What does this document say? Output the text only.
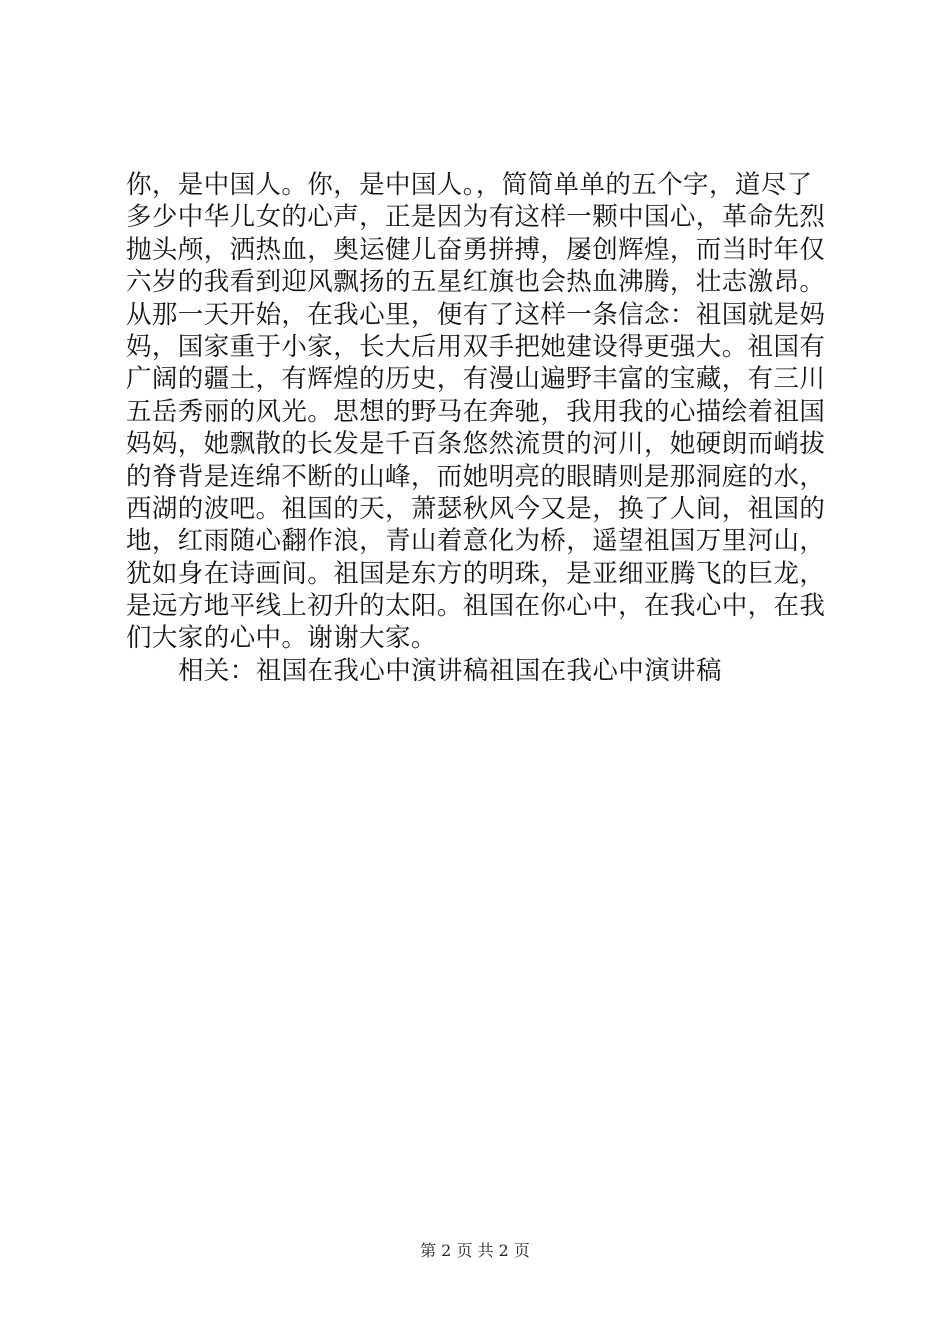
你，是中国人。你，是中国人。，简简单单的五个字，道尽了
多少中华儿女的心声，正是因为有这样一颗中国心，革命先烈
抛头颅，洒热血，奥运健儿奋勇拼搏，屡创辉煌，而当时年仅
六岁的我看到迎风飘扬的五星红旗也会热血沸腾，壮志激昂。
从那一天开始，在我心里，便有了这样一条信念：祖国就是妈
妈，国家重于小家，长大后用双手把她建设得更强大。祖国有
广阔的疆土，有辉煌的历史，有漫山遍野丰富的宝藏，有三川
五岳秀丽的风光。思想的野马在奔驰，我用我的心描绘着祖国
妈妈，她飘散的长发是千百条悠然流贯的河川，她硬朗而峭拔
的脊背是连绵不断的山峰，而她明亮的眼睛则是那洞庭的水，
西湖的波吧。祖国的天，萧瑟秋风今又是，换了人间，祖国的
地，红雨随心翻作浪，青山着意化为桥，遥望祖国万里河山，
犹如身在诗画间。祖国是东方的明珠，是亚细亚腾飞的巨龙，
是远方地平线上初升的太阳。祖国在你心中，在我心中，在我
们大家的心中。谢谢大家。
相关：祖国在我心中演讲稿祖国在我心中演讲稿
第 2 页 共 2 页
